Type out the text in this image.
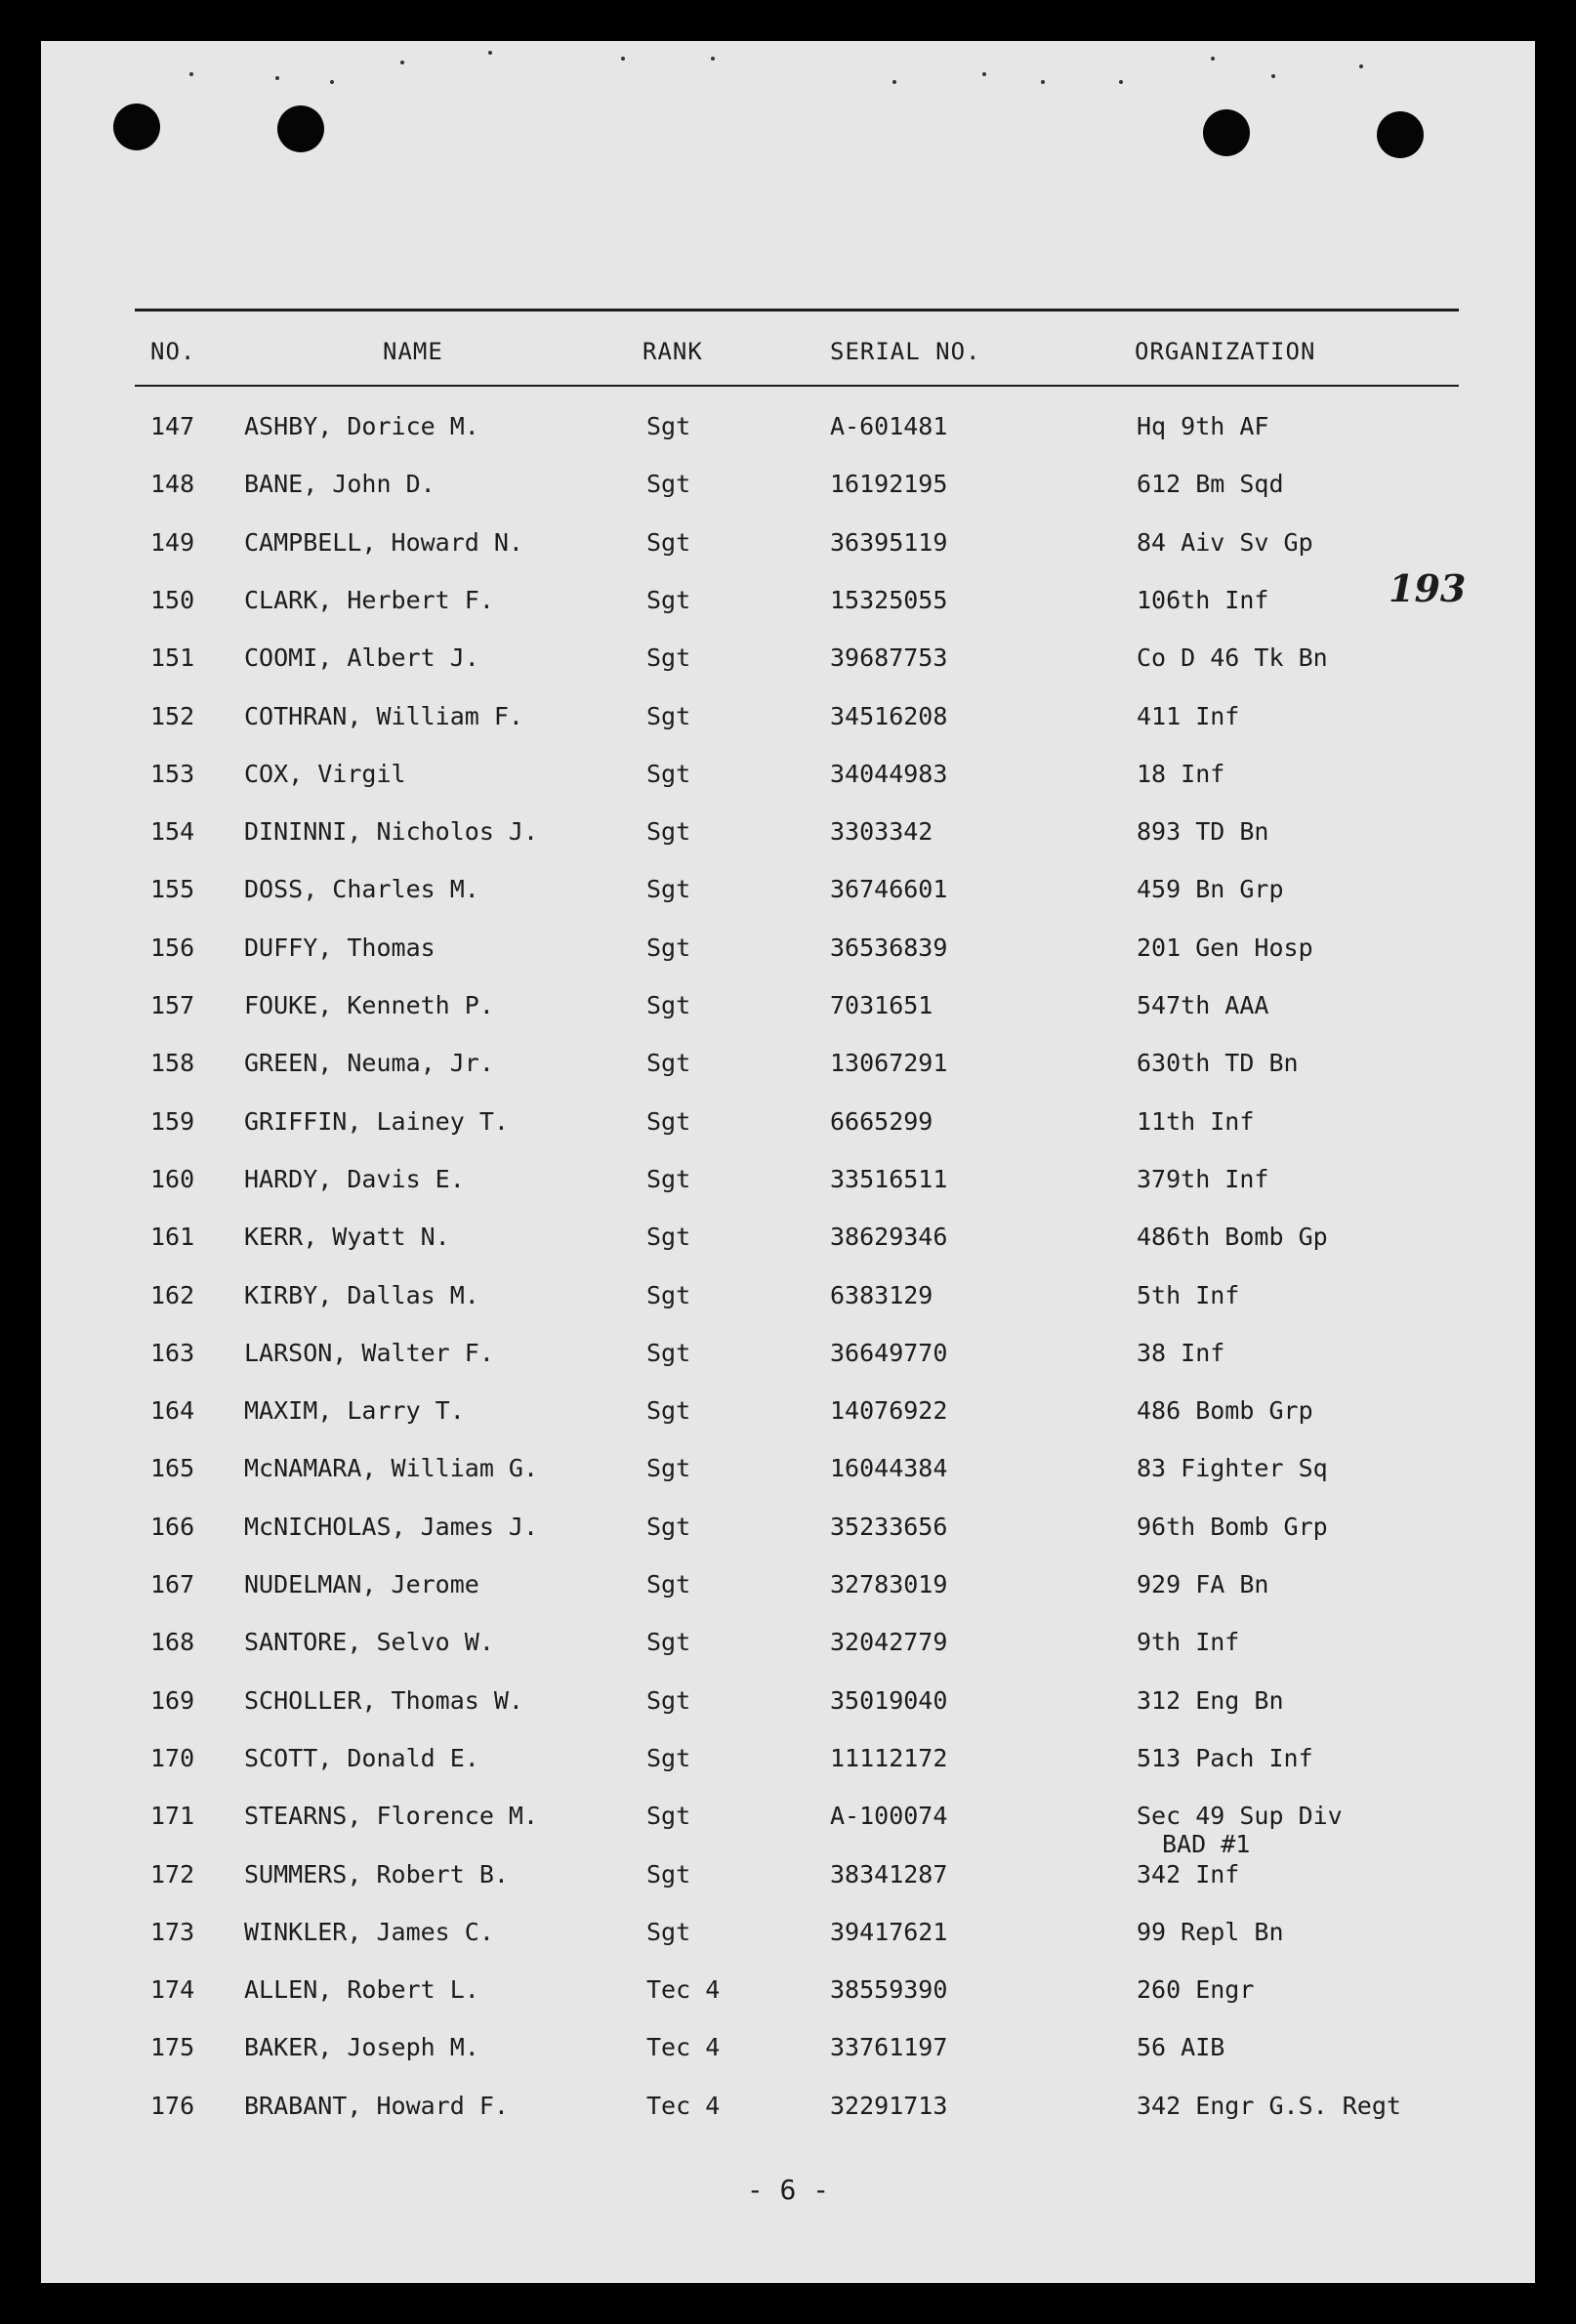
NO.	NAME	RANK	SERIAL NO.	ORGANIZATION
193
147 ASHBY, Dorice M.	Sgt	A-601481	Hq 9th AF
148 BANE, John D.	Sgt	16192195	612 Bm Sqd
149 CAMPBELL, Howard N.	Sgt	36395119	84 Aiv Sv Gp
150 CLARK, Herbert F.	Sgt	15325055	106th Inf
151 COOMI, Albert J.	Sgt	39687753	Co D 46 Tk Bn
152 COTHRAN, William F.	Sgt	34516208	411 Inf
153 COX, Virgil	Sgt	34044983	18 Inf
154 DININNI, Nicholos J.	Sgt	3303342	893 TD Bn
155 DOSS, Charles M.	Sgt	36746601	459 Bn Grp
156 DUFFY, Thomas	Sgt	36536839	201 Gen Hosp
157 FOUKE, Kenneth P.	Sgt	7031651	547th AAA
158 GREEN, Neuma, Jr.	Sgt	13067291	630th TD Bn
159 GRIFFIN, Lainey T.	Sgt	6665299	11th Inf
160 HARDY, Davis E.	Sgt	33516511	379th Inf
161 KERR, Wyatt N.	Sgt	38629346	486th Bomb Gp
162 KIRBY, Dallas M.	Sgt	6383129	5th Inf
163 LARSON, Walter F.	Sgt	36649770	38 Inf
164 MAXIM, Larry T.	Sgt	14076922	486 Bomb Grp
165 McNAMARA, William G.	Sgt	16044384	83 Fighter Sq
166 McNICHOLAS, James J.	Sgt	35233656	96th Bomb Grp
167 NUDELMAN, Jerome	Sgt	32783019	929 FA Bn
168 SANTORE, Selvo W.	Sgt	32042779	9th Inf
169 SCHOLLER, Thomas W.	Sgt	35019040	312 Eng Bn
170 SCOTT, Donald E.	Sgt	11112172	513 Pach Inf
171 STEARNS, Florence M.	Sgt	A-100074	Sec 49 Sup Div
BAD #1
172 SUMMERS, Robert B.	Sgt	38341287	342 Inf
173 WINKLER, James C.	Sgt	39417621	99 Repl Bn
174 ALLEN, Robert L.	Tec 4	38559390	260 Engr
175 BAKER, Joseph M.	Tec 4	33761197	56 AIB
176 BRABANT, Howard F.	Tec 4	32291713	342 Engr G.S. Regt
- 6 -
